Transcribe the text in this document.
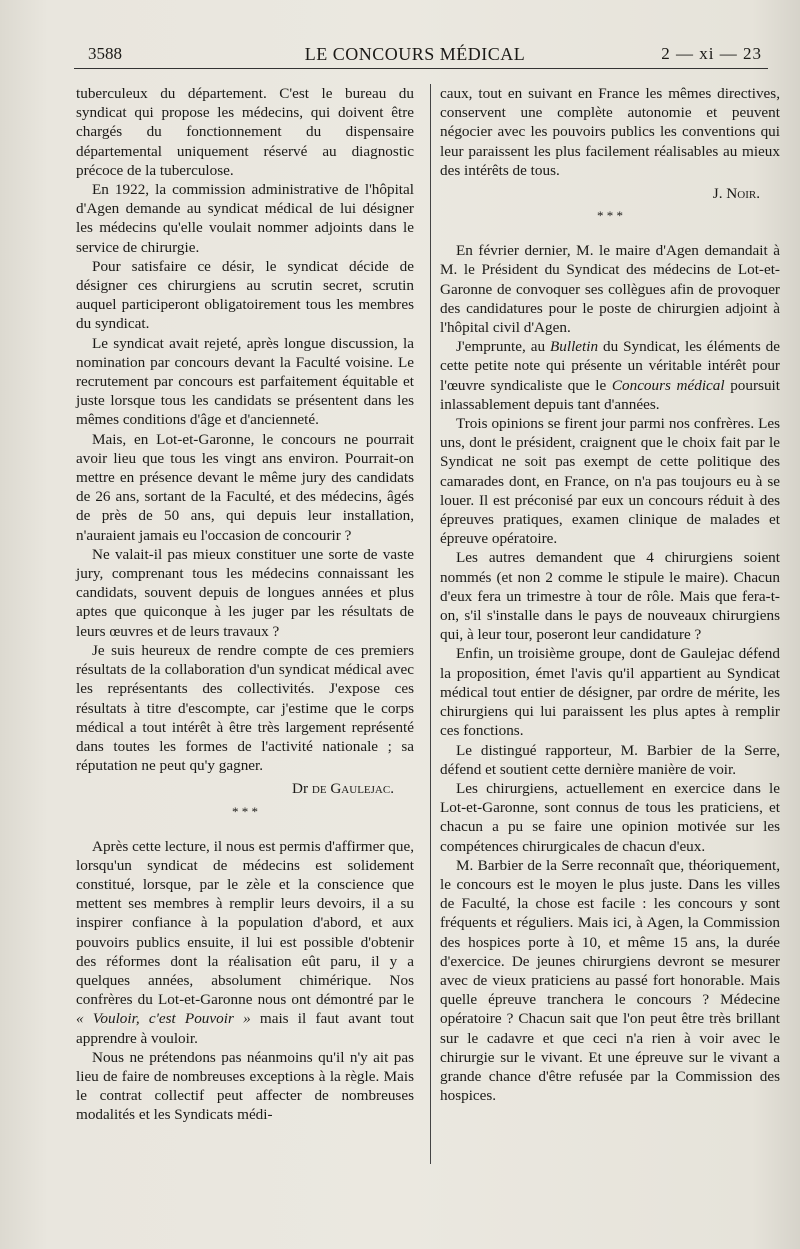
3588	LE CONCOURS MÉDICAL	2 — xi — 23

tuberculeux du département. C'est le bureau du syndicat qui propose les médecins, qui doivent être chargés du fonctionnement du dispensaire départemental uniquement réservé au diagnostic précoce de la tuberculose.

En 1922, la commission administrative de l'hôpital d'Agen demande au syndicat médical de lui désigner les médecins qu'elle voulait nommer adjoints dans le service de chirurgie.

Pour satisfaire ce désir, le syndicat décide de désigner ces chirurgiens au scrutin secret, scrutin auquel participeront obligatoirement tous les membres du syndicat.

Le syndicat avait rejeté, après longue discussion, la nomination par concours devant la Faculté voisine. Le recrutement par concours est parfaitement équitable et juste lorsque tous les candidats se présentent dans les mêmes conditions d'âge et d'ancienneté.

Mais, en Lot-et-Garonne, le concours ne pourrait avoir lieu que tous les vingt ans environ. Pourrait-on mettre en présence devant le même jury des candidats de 26 ans, sortant de la Faculté, et des médecins, âgés de près de 50 ans, qui depuis leur installation, n'auraient jamais eu l'occasion de concourir ?

Ne valait-il pas mieux constituer une sorte de vaste jury, comprenant tous les médecins connaissant les candidats, souvent depuis de longues années et plus aptes que quiconque à les juger par les résultats de leurs œuvres et de leurs travaux ?

Je suis heureux de rendre compte de ces premiers résultats de la collaboration d'un syndicat médical avec les représentants des collectivités. J'expose ces résultats à titre d'escompte, car j'estime que le corps médical a tout intérêt à être très largement représenté dans toutes les formes de l'activité nationale ; sa réputation ne peut qu'y gagner.

Dr de Gaulejac.

* * *

Après cette lecture, il nous est permis d'affirmer que, lorsqu'un syndicat de médecins est solidement constitué, lorsque, par le zèle et la conscience que mettent ses membres à remplir leurs devoirs, il a su inspirer confiance à la population d'abord, et aux pouvoirs publics ensuite, il lui est possible d'obtenir des réformes dont la réalisation eût paru, il y a quelques années, absolument chimérique. Nos confrères du Lot-et-Garonne nous ont démontré par le « Vouloir, c'est Pouvoir » mais il faut avant tout apprendre à vouloir.

Nous ne prétendons pas néanmoins qu'il n'y ait pas lieu de faire de nombreuses exceptions à la règle. Mais le contrat collectif peut affecter de nombreuses modalités et les Syndicats médi-

caux, tout en suivant en France les mêmes directives, conservent une complète autonomie et peuvent négocier avec les pouvoirs publics les conventions qui leur paraissent les plus facilement réalisables au mieux des intérêts de tous.

J. Noir.

* * *

En février dernier, M. le maire d'Agen demandait à M. le Président du Syndicat des médecins de Lot-et-Garonne de convoquer ses collègues afin de provoquer des candidatures pour le poste de chirurgien adjoint à l'hôpital civil d'Agen.

J'emprunte, au Bulletin du Syndicat, les éléments de cette petite note qui présente un véritable intérêt pour l'œuvre syndicaliste que le Concours médical poursuit inlassablement depuis tant d'années.

Trois opinions se firent jour parmi nos confrères. Les uns, dont le président, craignent que le choix fait par le Syndicat ne soit pas exempt de cette politique des camarades dont, en France, on n'a pas toujours eu à se louer. Il est préconisé par eux un concours réduit à des épreuves pratiques, examen clinique de malades et épreuve opératoire.

Les autres demandent que 4 chirurgiens soient nommés (et non 2 comme le stipule le maire). Chacun d'eux fera un trimestre à tour de rôle. Mais que fera-t-on, s'il s'installe dans le pays de nouveaux chirurgiens qui, à leur tour, poseront leur candidature ?

Enfin, un troisième groupe, dont de Gaulejac défend la proposition, émet l'avis qu'il appartient au Syndicat médical tout entier de désigner, par ordre de mérite, les chirurgiens qui lui paraissent les plus aptes à remplir ces fonctions.

Le distingué rapporteur, M. Barbier de la Serre, défend et soutient cette dernière manière de voir.

Les chirurgiens, actuellement en exercice dans le Lot-et-Garonne, sont connus de tous les praticiens, et chacun a pu se faire une opinion motivée sur les compétences chirurgicales de chacun d'eux.

M. Barbier de la Serre reconnaît que, théoriquement, le concours est le moyen le plus juste. Dans les villes de Faculté, la chose est facile : les concours y sont fréquents et réguliers. Mais ici, à Agen, la Commission des hospices porte à 10, et même 15 ans, la durée d'exercice. De jeunes chirurgiens devront se mesurer avec de vieux praticiens au passé fort honorable. Mais quelle épreuve tranchera le concours ? Médecine opératoire ? Chacun sait que l'on peut être très brillant sur le cadavre et que ceci n'a rien à voir avec le chirurgie sur le vivant. Et une épreuve sur le vivant a grande chance d'être refusée par la Commission des hospices.
